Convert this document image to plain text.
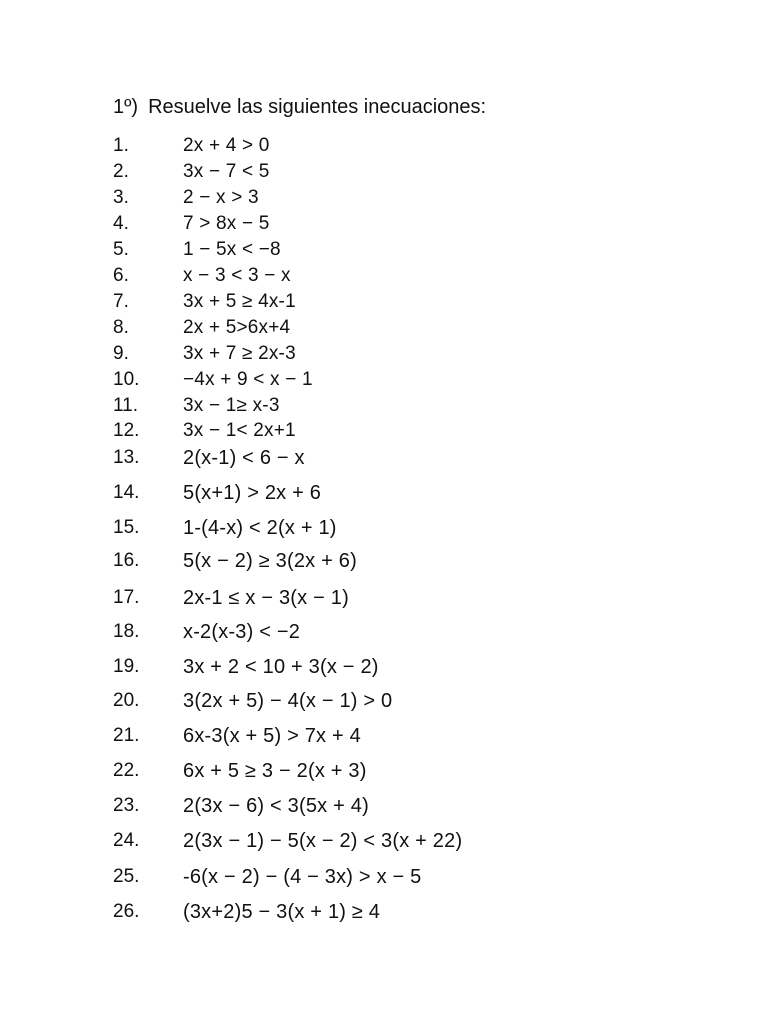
1º) Resuelve las siguientes inecuaciones:
1.	2x + 4 > 0
2.	3x − 7 < 5
3.	2 − x > 3
4.	7 > 8x − 5
5.	1 − 5x < −8
6.	x − 3 < 3 − x
7.	3x + 5 ≥ 4x-1
8.	2x + 5>6x+4
9.	3x + 7 ≥ 2x-3
10. −4x + 9 < x − 1
11. 3x − 1≥ x-3
12. 3x − 1< 2x+1
13. 2(x-1) < 6 − x
14. 5(x+1) > 2x + 6
15. 1-(4-x) < 2(x + 1)
16. 5(x − 2) ≥ 3(2x + 6)
17. 2x-1 ≤ x − 3(x − 1)
18. x-2(x-3) < −2
19. 3x + 2 < 10 + 3(x − 2)
20. 3(2x + 5) − 4(x − 1) > 0
21. 6x-3(x + 5) > 7x + 4
22. 6x + 5 ≥ 3 − 2(x + 3)
23. 2(3x − 6) < 3(5x + 4)
24. 2(3x − 1) − 5(x − 2) < 3(x + 22)
25. -6(x − 2) − (4 − 3x) > x − 5
26. (3x+2)5 − 3(x + 1) ≥ 4
